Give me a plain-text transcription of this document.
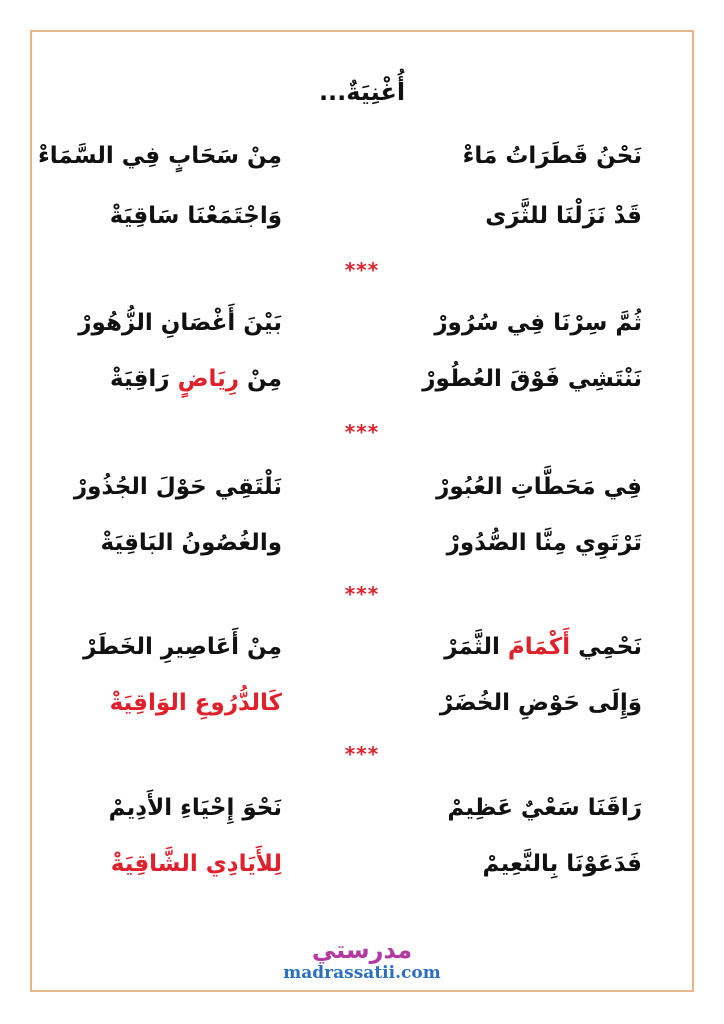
أُغْنِيَةٌ...
نَحْنُ قَطَرَاتُ مَاءْ
مِنْ سَحَابٍ فِي السَّمَاءْ
قَدْ نَزَلْنَا للثَّرَى
وَاجْتَمَعْنَا سَاقِيَةْ
***
ثُمَّ سِرْنَا فِي سُرُورْ
بَيْنَ أَغْصَانِ الزُّهُورْ
نَنْتَشِي فَوْقَ العُطُورْ
مِنْ رِيَاضٍ رَاقِيَةْ
***
فِي مَحَطَّاتِ العُبُورْ
نَلْتَقِي حَوْلَ الجُذُورْ
تَرْتَوِي مِنَّا الصُّدُورْ
والغُصُونُ البَاقِيَةْ
***
نَحْمِي أَكْمَامَ الثَّمَرْ
مِنْ أَعَاصِيرِ الخَطَرْ
وَإِلَى حَوْضِ الخُضَرْ
كَالدُّرُوعِ الوَاقِيَةْ
***
رَاقَنَا سَعْيٌ عَظِيمْ
نَحْوَ إِحْيَاءِ الأَدِيمْ
فَدَعَوْنَا بِالنَّعِيمْ
لِلأَيَادِي الشَّاقِيَةْ
مدرستي
madrassatii.com
